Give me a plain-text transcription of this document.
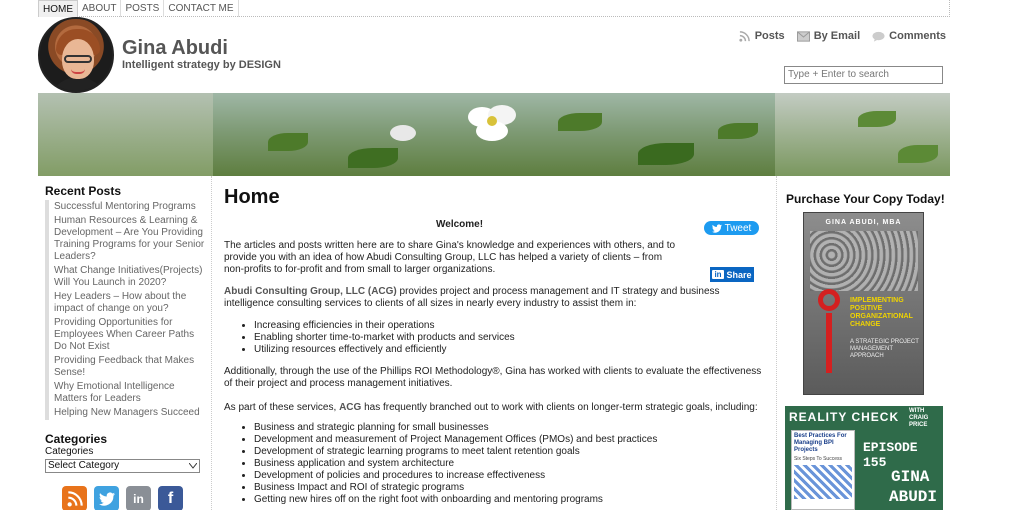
HOME ABOUT POSTS CONTACT ME
Gina Abudi
Intelligent strategy by DESIGN
Posts	By Email	Comments
Type + Enter to search
Recent Posts
Successful Mentoring Programs
Human Resources & Learning & Development – Are You Providing Training Programs for your Senior Leaders?
What Change Initiatives(Projects) Will You Launch in 2020?
Hey Leaders – How about the impact of change on you?
Providing Opportunities for Employees When Career Paths Do Not Exist
Providing Feedback that Makes Sense!
Why Emotional Intelligence Matters for Leaders
Helping New Managers Succeed
Categories
Categories
Select Category
in f
Home
Welcome!	Tweet
The articles and posts written here are to share Gina's knowledge and experiences with others, and to provide you with an idea of how Abudi Consulting Group, LLC has helped a variety of clients – from non-profits to for-profit and from small to larger organizations.	in Share
Abudi Consulting Group, LLC (ACG) provides project and process management and IT strategy and business intelligence consulting services to clients of all sizes in nearly every industry to assist them in:
• Increasing efficiencies in their operations
• Enabling shorter time-to-market with products and services
• Utilizing resources effectively and efficiently
Additionally, through the use of the Phillips ROI Methodology®, Gina has worked with clients to evaluate the effectiveness of their project and process management initiatives.
As part of these services, ACG has frequently branched out to work with clients on longer-term strategic goals, including:
• Business and strategic planning for small businesses
• Development and measurement of Project Management Offices (PMOs) and best practices
• Development of strategic learning programs to meet talent retention goals
• Business application and system architecture
• Development of policies and procedures to increase effectiveness
• Business Impact and ROI of strategic programs
• Getting new hires off on the right foot with onboarding and mentoring programs
Purchase Your Copy Today!
GINA ABUDI, MBA
IMPLEMENTING POSITIVE ORGANIZATIONAL CHANGE
A STRATEGIC PROJECT MANAGEMENT APPROACH
REALITY CHECK WITH CRAIG PRICE
Best Practices For Managing BPI Projects
Six Steps To Success
EPISODE 155
GINA
ABUDI
